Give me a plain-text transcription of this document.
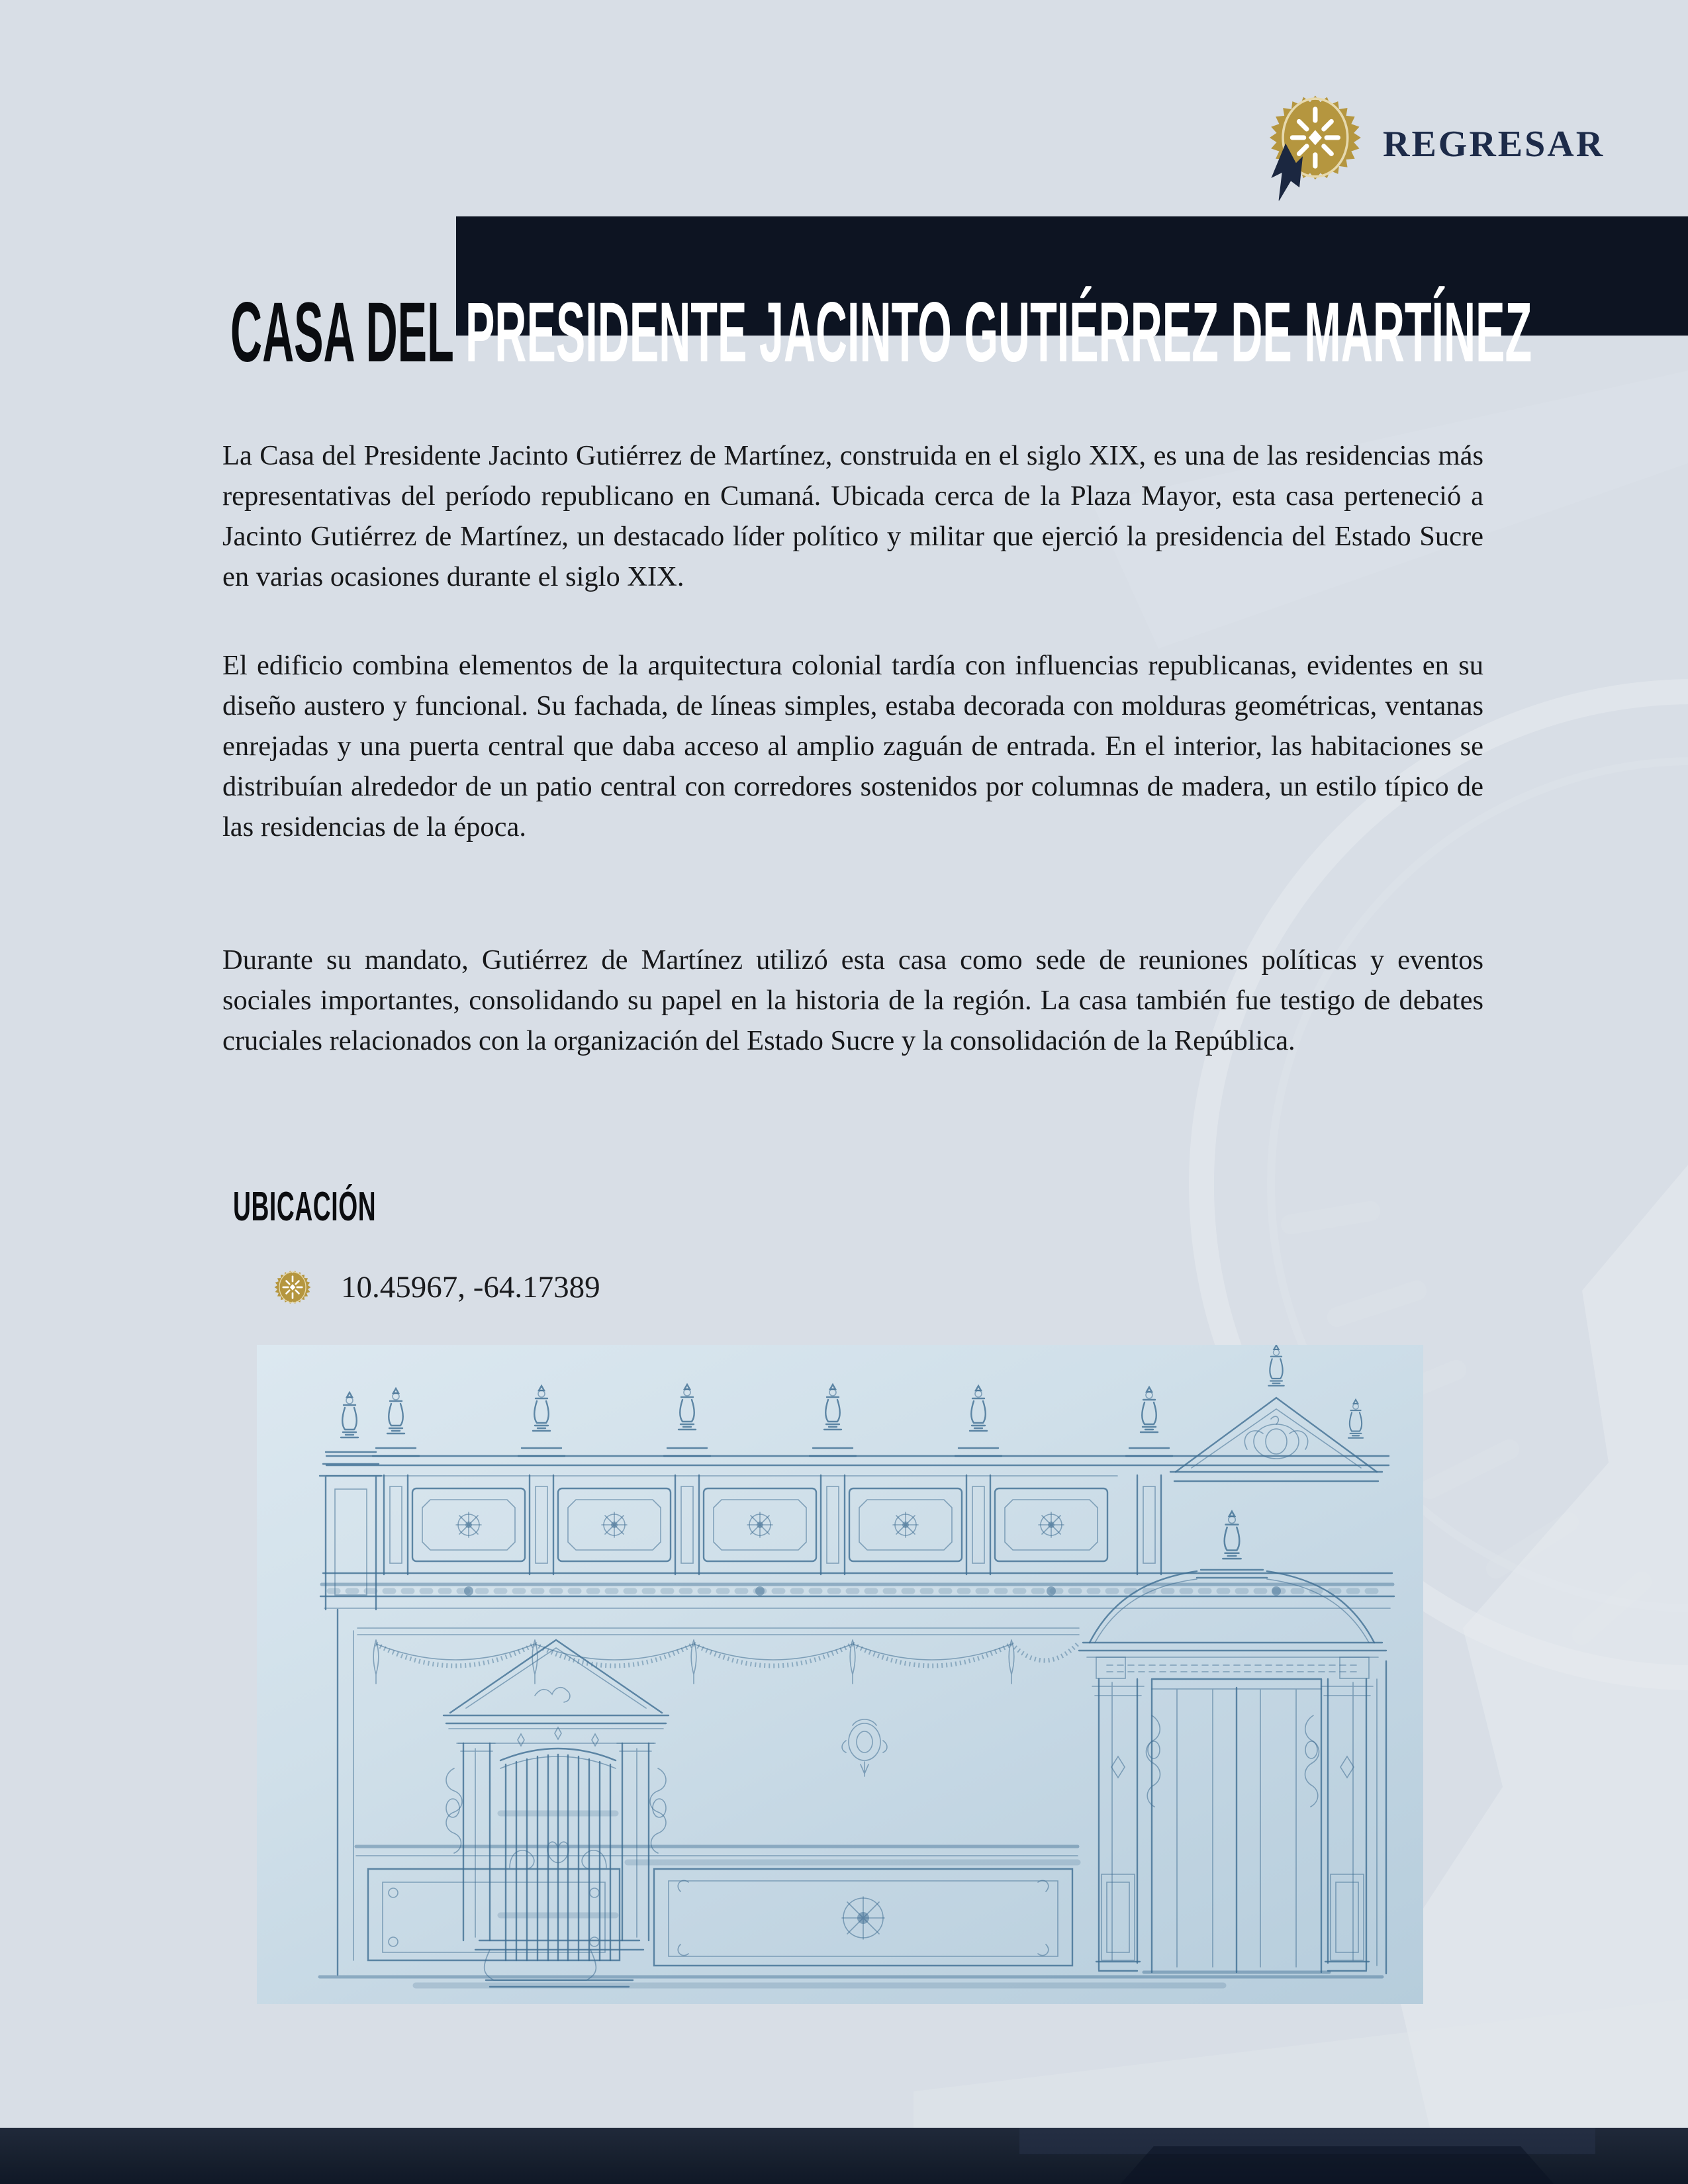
REGRESAR
CASA DEL PRESIDENTE JACINTO GUTIÉRREZ DE MARTÍNEZ

La Casa del Presidente Jacinto Gutiérrez de Martínez, construida en el siglo XIX, es una de las residencias más representativas del período republicano en Cumaná. Ubicada cerca de la Plaza Mayor, esta casa perteneció a Jacinto Gutiérrez de Martínez, un destacado líder político y militar que ejerció la presidencia del Estado Sucre en varias ocasiones durante el siglo XIX.

El edificio combina elementos de la arquitectura colonial tardía con influencias republicanas, evidentes en su diseño austero y funcional. Su fachada, de líneas simples, estaba decorada con molduras geométricas, ventanas enrejadas y una puerta central que daba acceso al amplio zaguán de entrada. En el interior, las habitaciones se distribuían alrededor de un patio central con corredores sostenidos por columnas de madera, un estilo típico de las residencias de la época.

Durante su mandato, Gutiérrez de Martínez utilizó esta casa como sede de reuniones políticas y eventos sociales importantes, consolidando su papel en la historia de la región. La casa también fue testigo de debates cruciales relacionados con la organización del Estado Sucre y la consolidación de la República.

UBICACIÓN
10.45967, -64.17389
